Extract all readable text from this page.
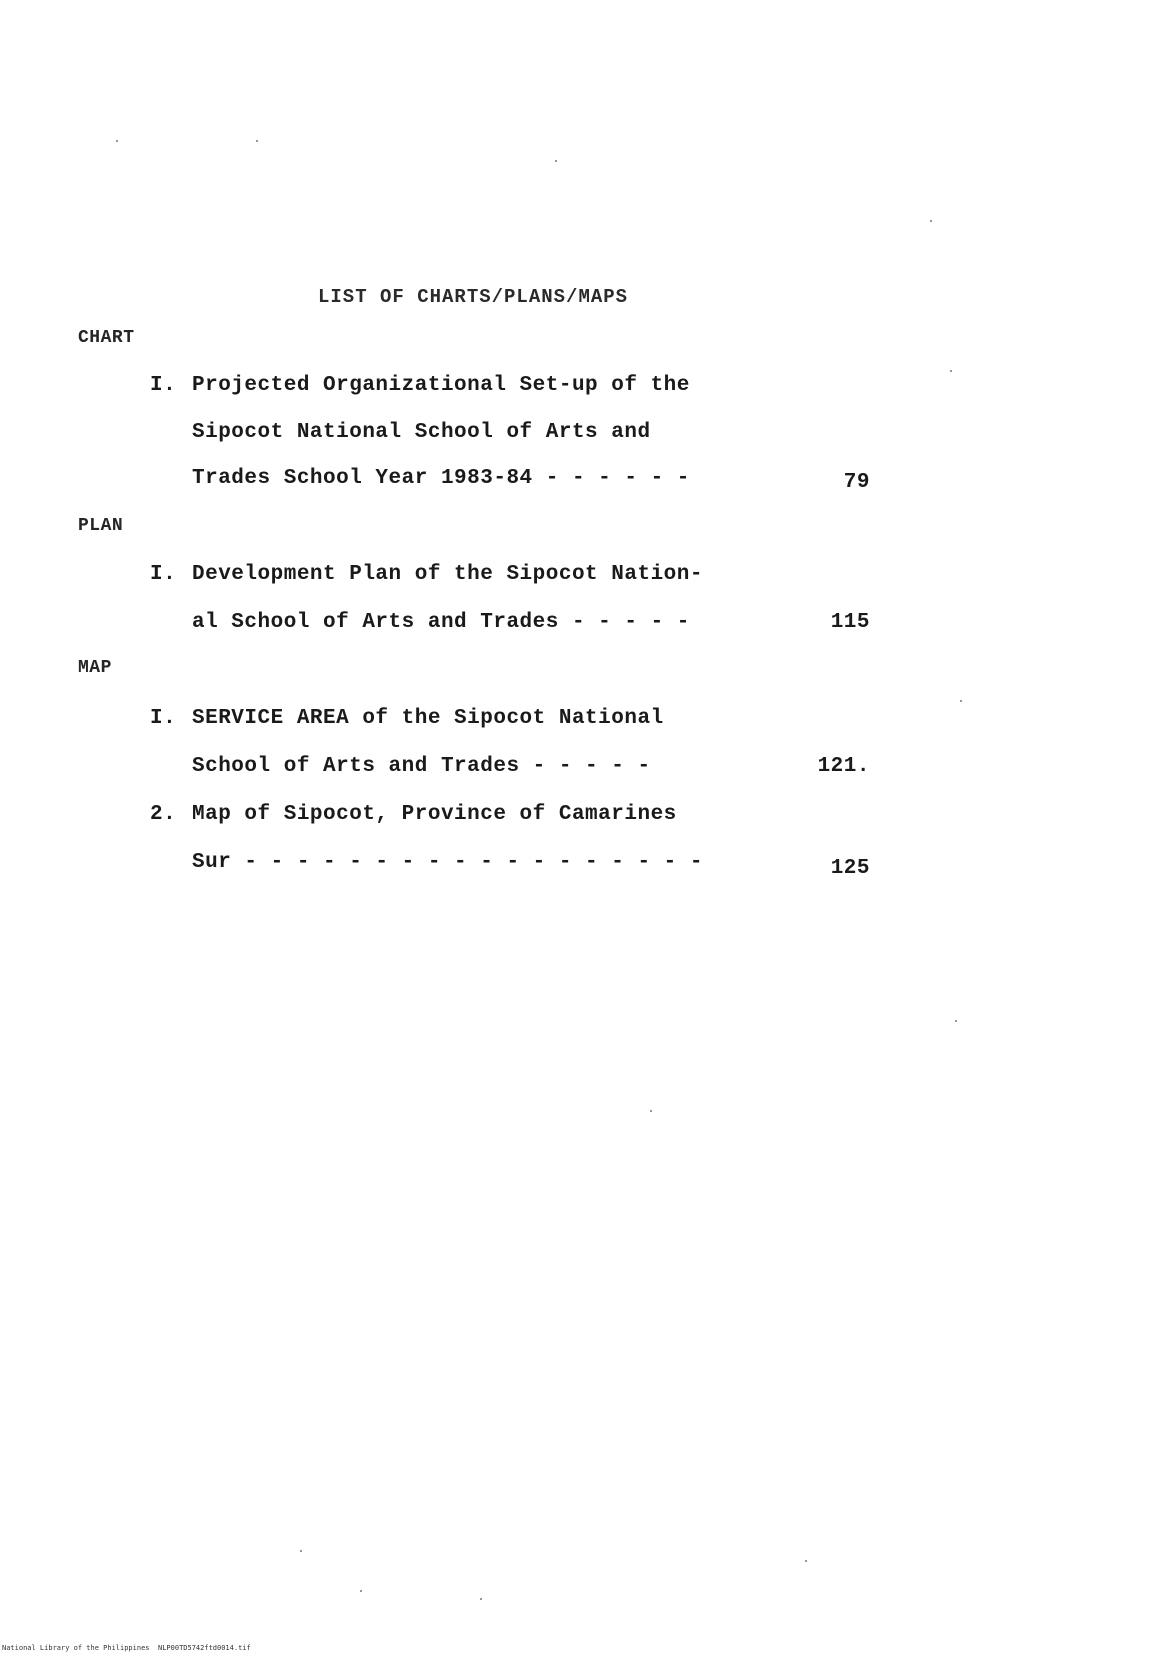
LIST OF CHARTS/PLANS/MAPS
CHART
I. Projected Organizational Set-up of the
Sipocot National School of Arts and
Trades School Year 1983-84 - - - - - -	79
PLAN
I. Development Plan of the Sipocot Nation-
al School of Arts and Trades - - - - -	115
MAP
I. SERVICE AREA of the Sipocot National
School of Arts and Trades - - - - -	121.
2. Map of Sipocot, Province of Camarines
Sur - - - - - - - - - - - - - - - - - -	125
National Library of the Philippines NLP00TD5742ftd0014.tif
